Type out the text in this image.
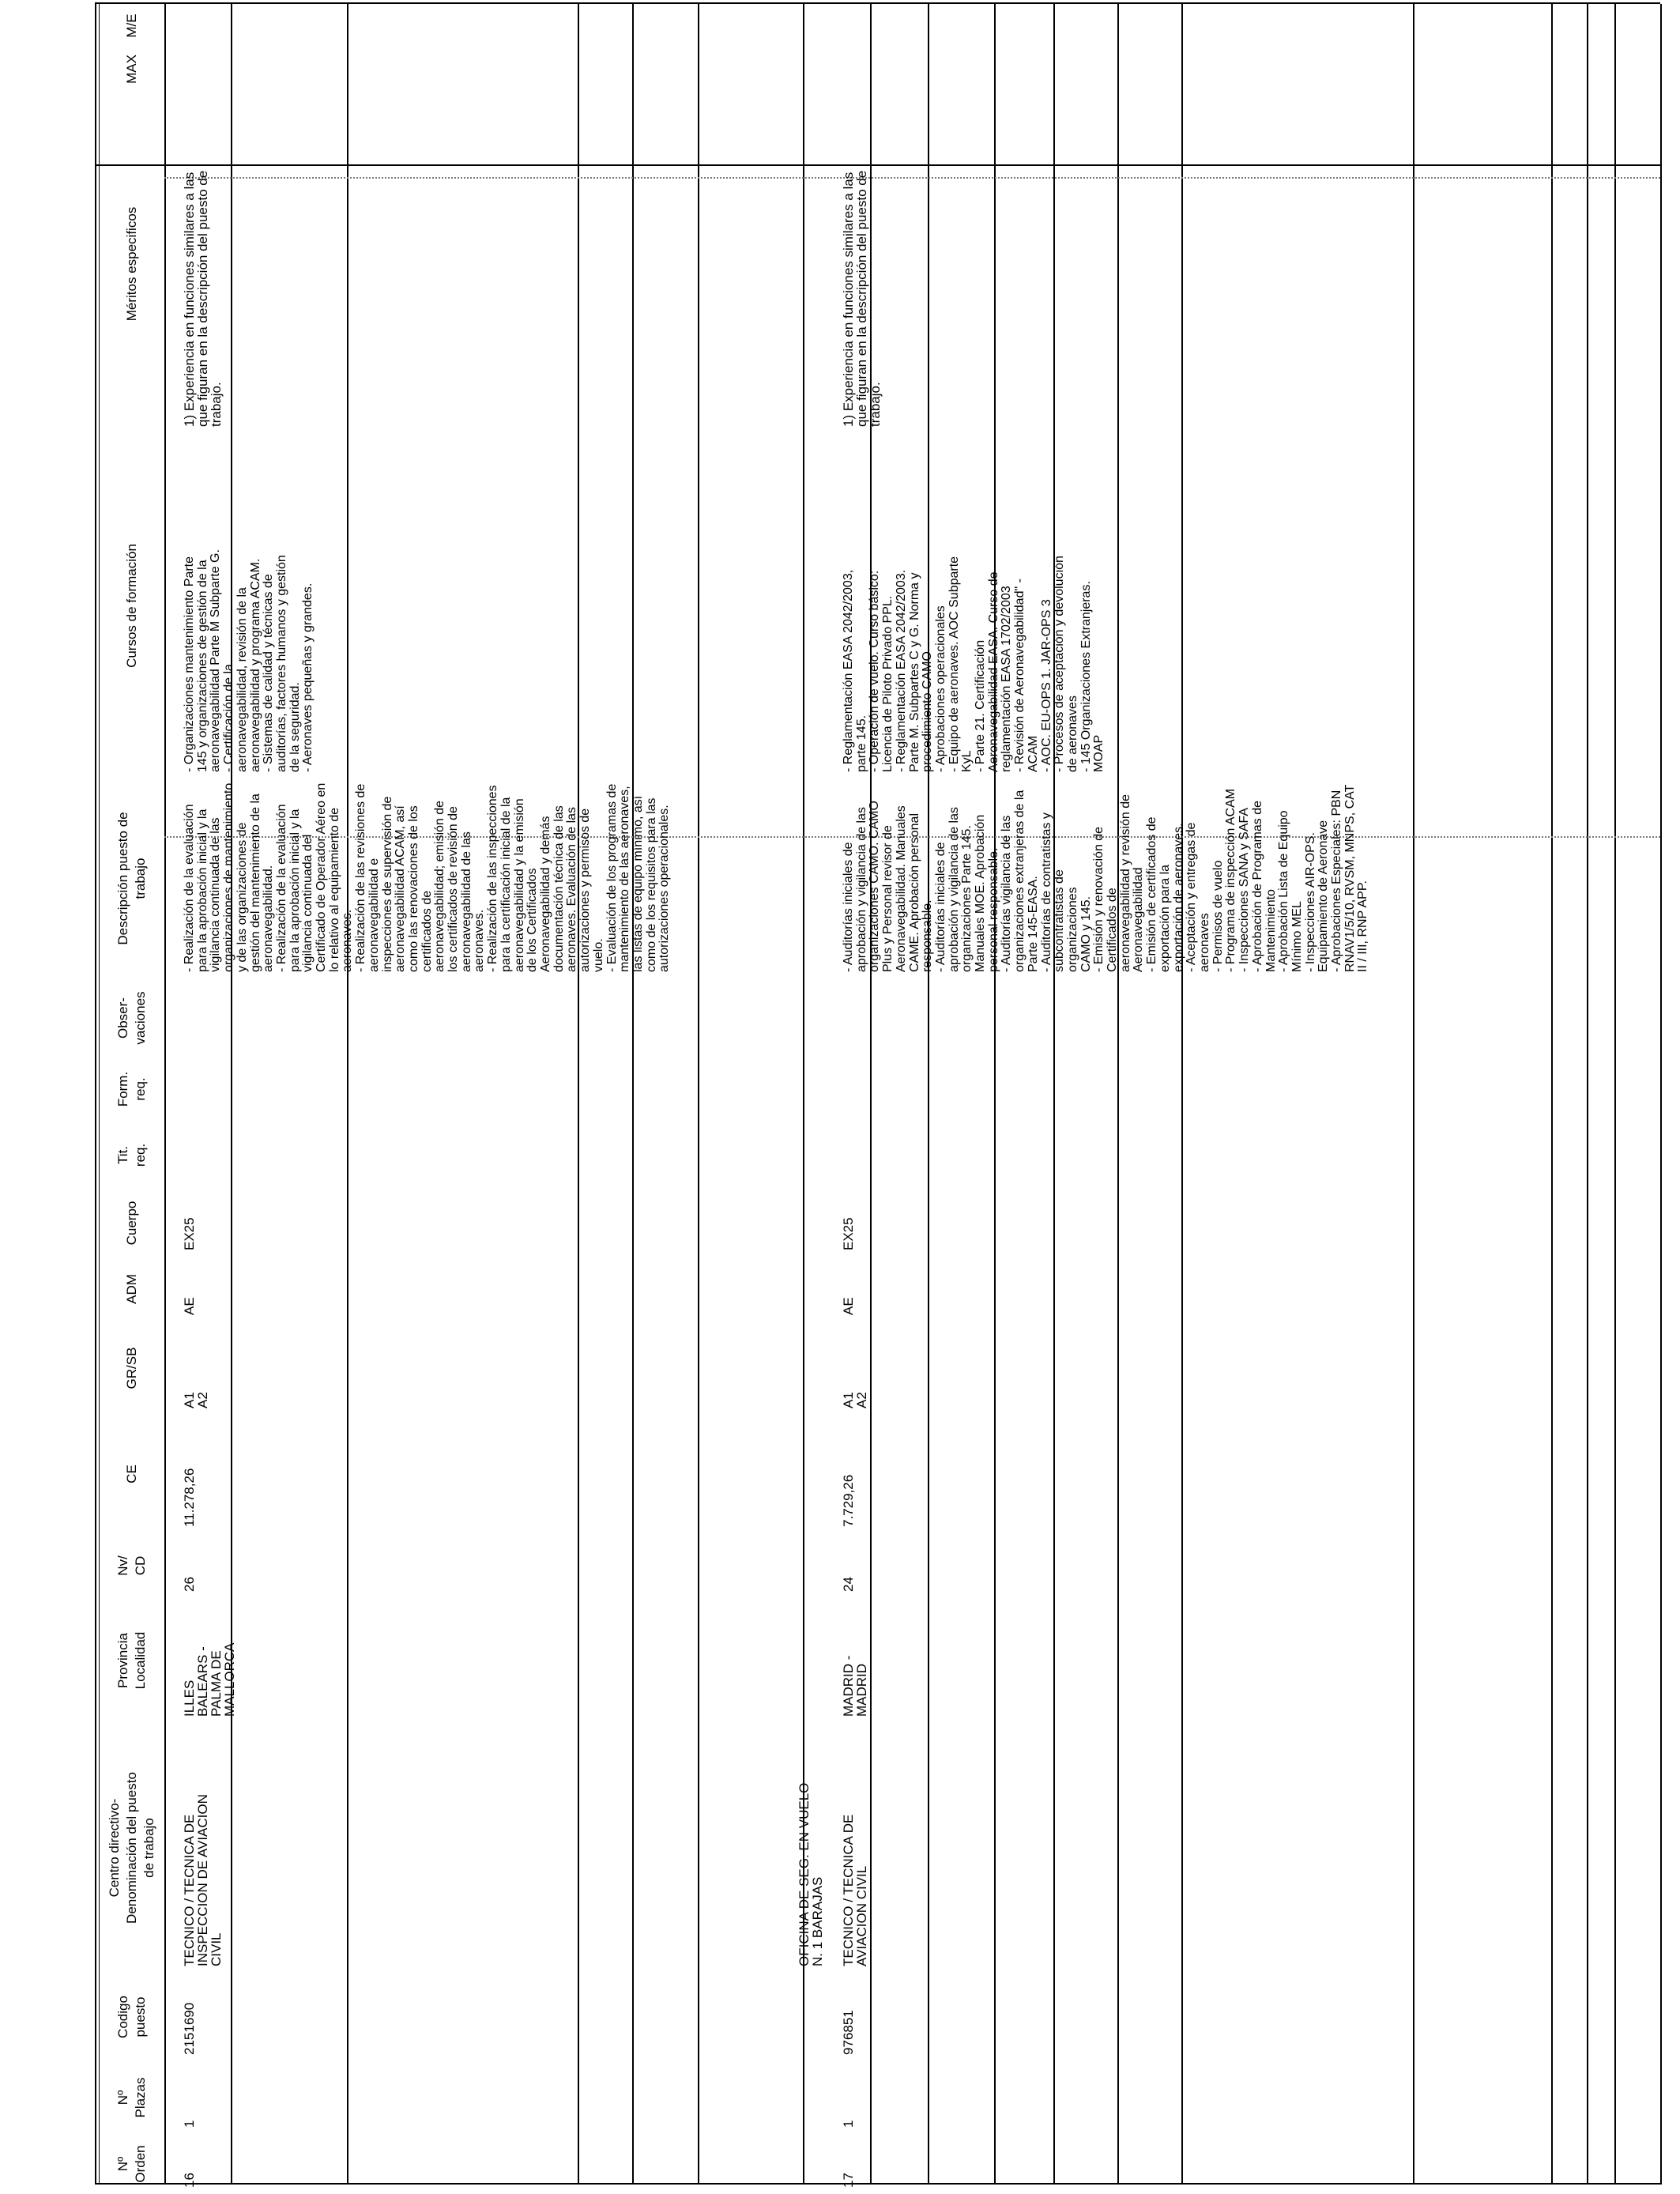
Nº
Orden
Nº
Plazas
Codigo
puesto
Centro directivo-
Denominación del puesto
de trabajo
Provincia
Localidad
Nv/
CD
CE
GR/SB
ADM
Cuerpo
Tit.
req.
Form.
req.
Obser-
vaciones
Descripción puesto de
trabajo
Cursos de formación
Méritos especificos
MAX
M/E
16
1
2151690
TECNICO / TECNICA DE
INSPECCION DE AVIACION
CIVIL
ILLES
BALEARS -
PALMA DE
MALLORCA
26
11.278,26
A1
A2
AE
EX25
- Realización de la evaluación
para la aprobación inicial y la
vigilancia continuada de las
organizaciones de mantenimiento
y de las organizaciones de
gestión del mantenimiento de la
aeronavegabilidad.
- Realización de la evaluación
para la aprobación inicial y la
vigilancia continuada del
Certificado de Operador Aéreo en
lo relativo al equipamiento de
aeronaves.
- Realización de las revisiones de
aeronavegabilidad e
inspecciones de supervisión de
aeronavegabilidad ACAM, así
como las renovaciones de los
certificados de
aeronavegabilidad; emisión de
los certificados de revisión de
aeronavegabilidad de las
aeronaves.
- Realización de las inspecciones
para la certificación inicial de la
aeronavegabilidad y la emisión
de los Certificados
Aeronavegabilidad y demás
documentación técnica de las
aeronaves. Evaluación de las
autorizaciones y permisos de
vuelo.
- Evaluación de los programas de
mantenimiento de las aeronaves,
las listas de equipo mínimo, así
como de los requisitos para las
autorizaciones operacionales.
- Organizaciones mantenimiento Parte
145 y organizaciones de gestión de la
aeronavegabilidad Parte M Subparte G.
- Certificación de la
aeronavegabilidad, revisión de la
aeronavegabilidad y programa ACAM.
- Sistemas de calidad y técnicas de
auditorías, factores humanos y gestión
de la seguridad.
- Aeronaves pequeñas y grandes.
1) Experiencia en funciones similares a las
que figuran en la descripción del puesto de
trabajo.
17
1
976851
TECNICO / TECNICA DE
AVIACION CIVIL
MADRID -
MADRID
24
7.729,26
A1
A2
AE
EX25
- Auditorías iniciales de
aprobación y vigilancia de las
organizaciones CAMO. CAMO
Plus y Personal revisor de
Aeronavegabilidad. Manuales
CAME. Aprobación personal
responsable.
- Auditorías iniciales de
aprobación y vigilancia de las
organizaciones Parte 145.
Manuales MOE. Aprobación
personal responsable.
- Auditorías vigilancia de las
organizaciones extranjeras de la
Parte 145-EASA.
- Auditorías de contratistas y
subcontratistas de organizaciones
CAMO y 145.
- Emisión y renovación de
Certificados de
aeronavegabilidad y revisión de
Aeronavegabilidad
- Emisión de certificados de
exportación para la
exportación de aeronaves.
- Aceptación y entregas de
aeronaves
- Permisos de vuelo
- Programa de inspección ACAM
- Inspecciones SANA y SAFA
- Aprobación de Programas de
Mantenimiento
- Aprobación Lista de Equipo
Mínimo MEL
- Inspecciones AIR-OPS.
Equipamiento de Aeronave
- Aprobaciones Especiales: PBN
RNAV1/5/10, RVSM, MNPS, CAT
II / III, RNP APP.
- Reglamentación EASA 2042/2003,
parte 145.
- Operación de vuelo. Curso básico:
Licencia de Piloto Privado PPL.
- Reglamentación EASA 2042/2003.
Parte M. Subpartes C y G. Norma y
procedimiento CAMO
- Aprobaciones operacionales
- Equipo de aeronaves. AOC Subparte
KyL
- Parte 21. Certificación
Aeronavegabilidad EASA. Curso de
reglamentación EASA 1702/2003
- Revisión de Aeronavegabilidad" -
ACAM
- AOC. EU-OPS 1. JAR-OPS 3
- Procesos de aceptación y devolución
de aeronaves
- 145 Organizaciones Extranjeras.
MOAP
1) Experiencia en funciones similares a las
que figuran en la descripción del puesto de
trabajo.
OFICINA DE SEG. EN VUELO
N. 1 BARAJAS
